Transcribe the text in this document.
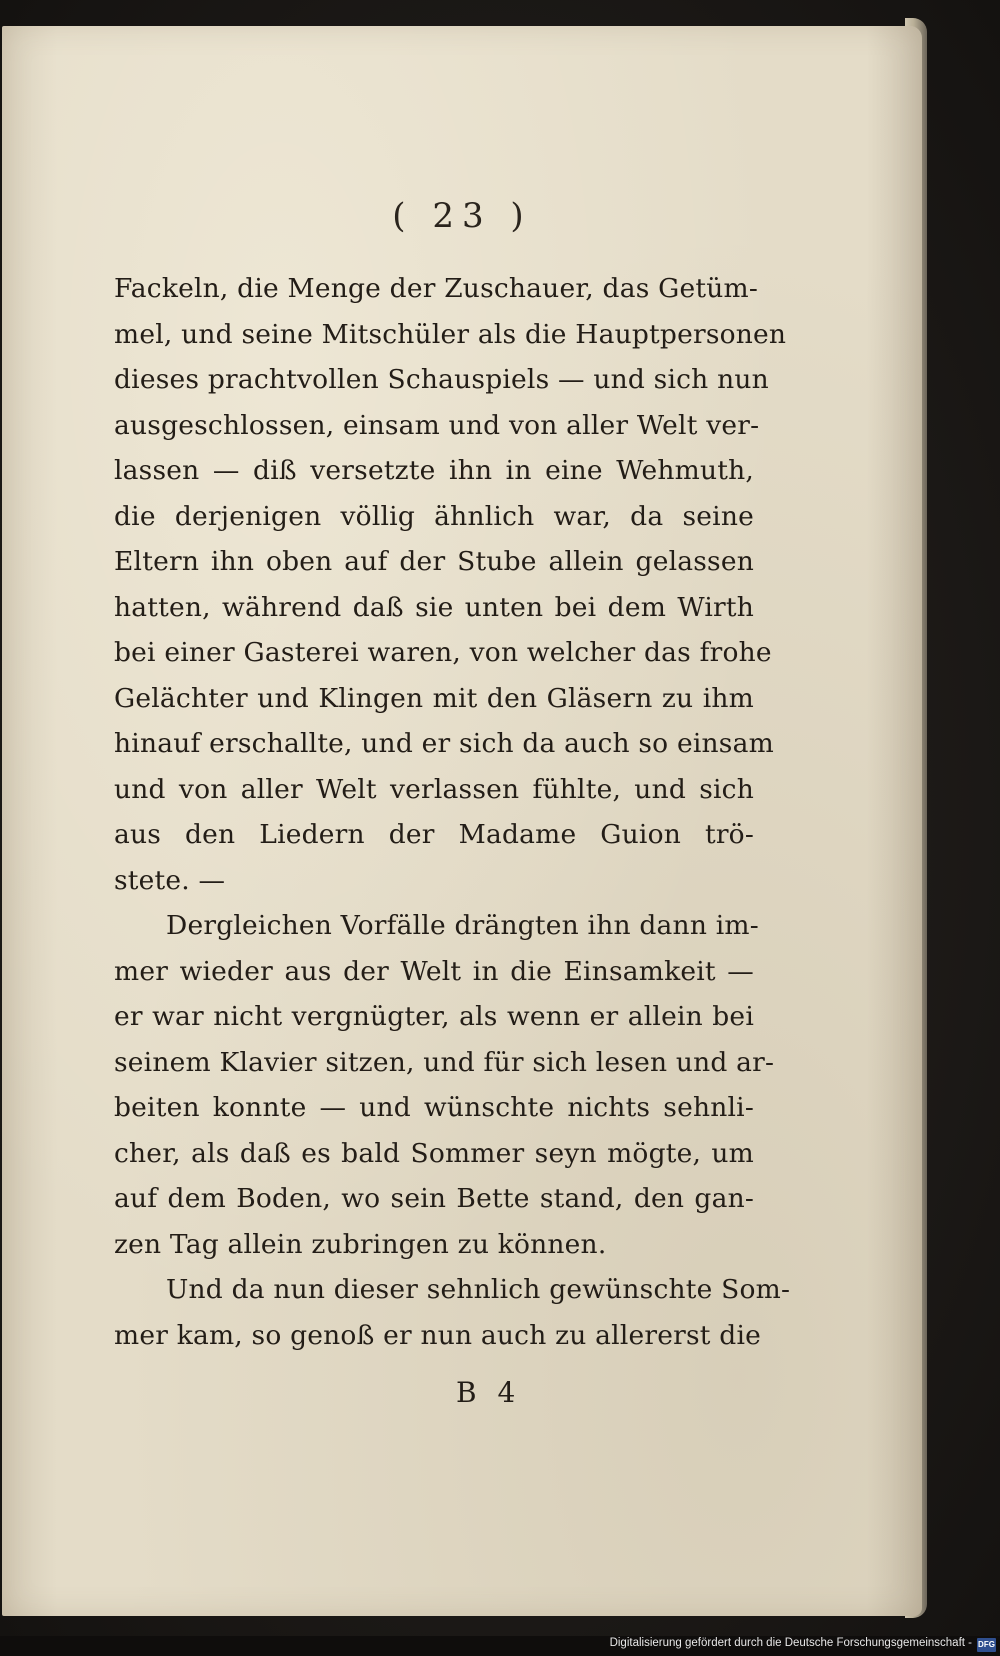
( 23 )
Fackeln, die Menge der Zuschauer, das Getüm-
mel, und seine Mitschüler als die Hauptpersonen
dieses prachtvollen Schauspiels — und sich nun
ausgeschlossen, einsam und von aller Welt ver-
lassen — diß versetzte ihn in eine Wehmuth,
die derjenigen völlig ähnlich war, da seine
Eltern ihn oben auf der Stube allein gelassen
hatten, während daß sie unten bei dem Wirth
bei einer Gasterei waren, von welcher das frohe
Gelächter und Klingen mit den Gläsern zu ihm
hinauf erschallte, und er sich da auch so einsam
und von aller Welt verlassen fühlte, und sich
aus den Liedern der Madame Guion trö-
stete. —
Dergleichen Vorfälle drängten ihn dann im-
mer wieder aus der Welt in die Einsamkeit —
er war nicht vergnügter, als wenn er allein bei
seinem Klavier sitzen, und für sich lesen und ar-
beiten konnte — und wünschte nichts sehnli-
cher, als daß es bald Sommer seyn mögte, um
auf dem Boden, wo sein Bette stand, den gan-
zen Tag allein zubringen zu können.
Und da nun dieser sehnlich gewünschte Som-
mer kam, so genoß er nun auch zu allererst die
B 4
Digitalisierung gefördert durch die Deutsche Forschungsgemeinschaft - DFG
